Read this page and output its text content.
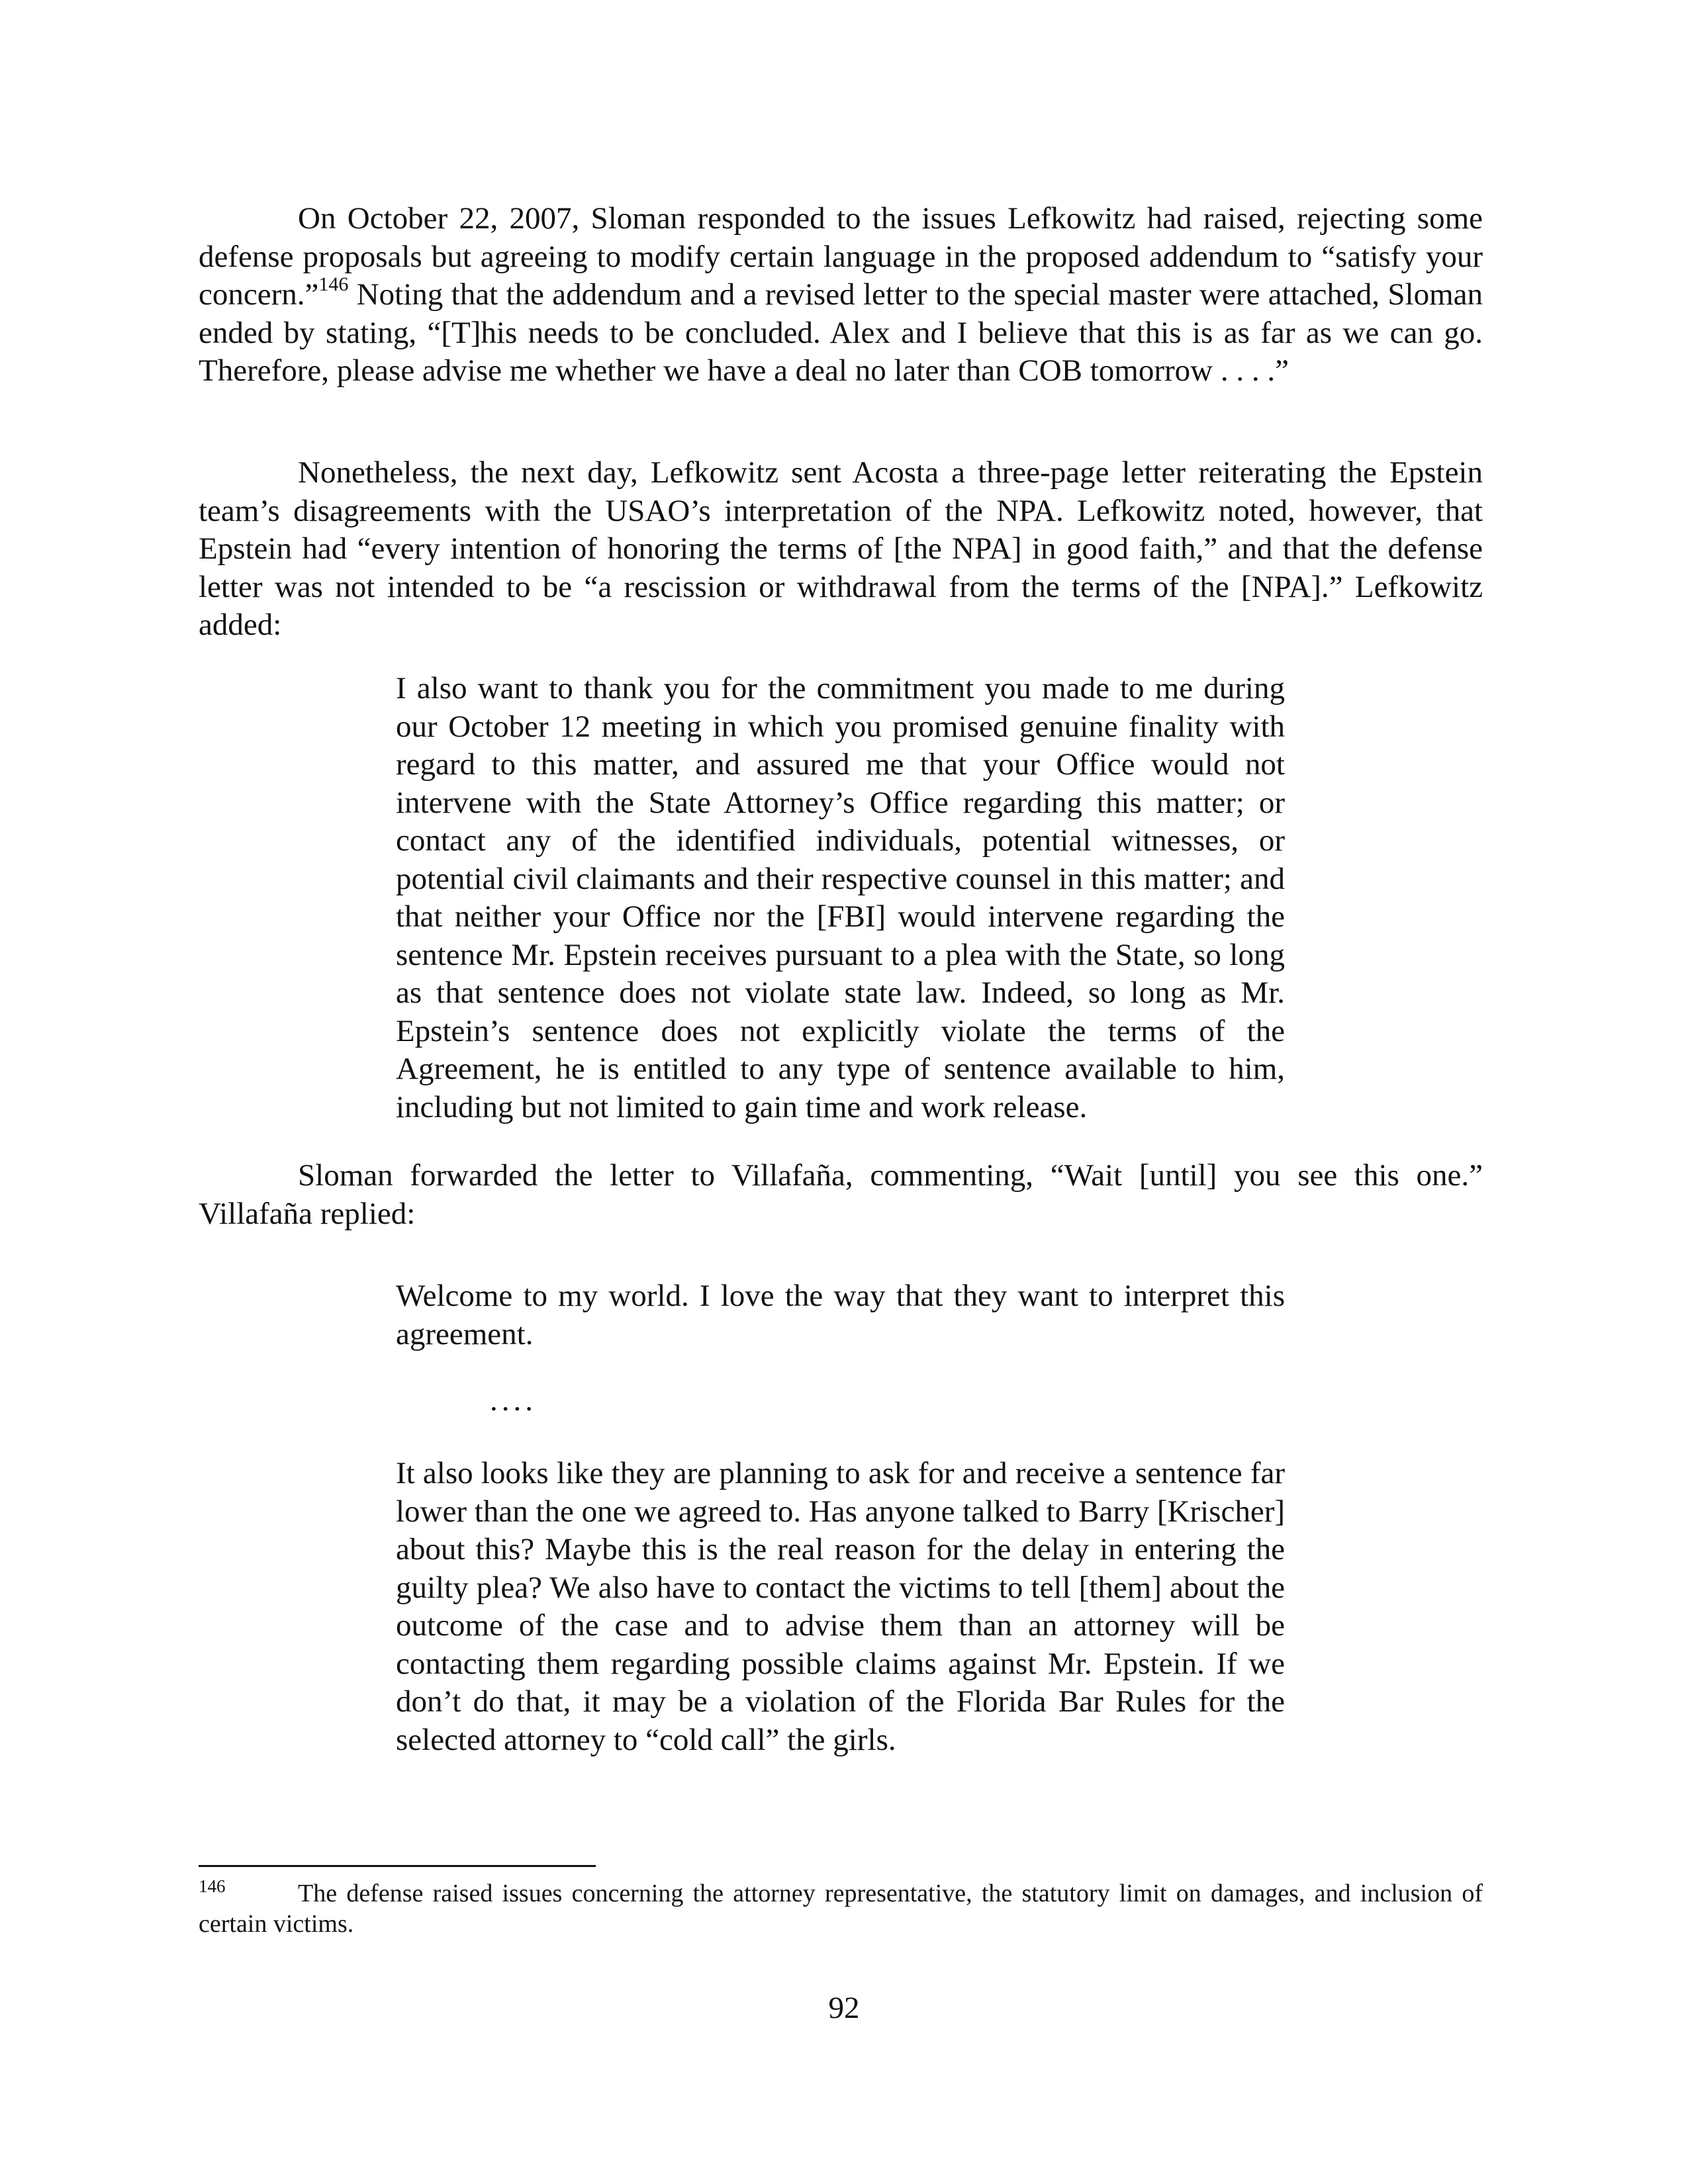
On October 22, 2007, Sloman responded to the issues Lefkowitz had raised, rejecting some defense proposals but agreeing to modify certain language in the proposed addendum to “satisfy your concern.”$^{146}$ Noting that the addendum and a revised letter to the special master were attached, Sloman ended by stating, “[T]his needs to be concluded. Alex and I believe that this is as far as we can go. Therefore, please advise me whether we have a deal no later than COB tomorrow . . . .”

Nonetheless, the next day, Lefkowitz sent Acosta a three-page letter reiterating the Epstein team’s disagreements with the USAO’s interpretation of the NPA. Lefkowitz noted, however, that Epstein had “every intention of honoring the terms of [the NPA] in good faith,” and that the defense letter was not intended to be “a rescission or withdrawal from the terms of the [NPA].” Lefkowitz added:

I also want to thank you for the commitment you made to me during our October 12 meeting in which you promised genuine finality with regard to this matter, and assured me that your Office would not intervene with the State Attorney’s Office regarding this matter; or contact any of the identified individuals, potential witnesses, or potential civil claimants and their respective counsel in this matter; and that neither your Office nor the [FBI] would intervene regarding the sentence Mr. Epstein receives pursuant to a plea with the State, so long as that sentence does not violate state law. Indeed, so long as Mr. Epstein’s sentence does not explicitly violate the terms of the Agreement, he is entitled to any type of sentence available to him, including but not limited to gain time and work release.

Sloman forwarded the letter to Villafaña, commenting, “Wait [until] you see this one.” Villafaña replied:

Welcome to my world. I love the way that they want to interpret this agreement.

....

It also looks like they are planning to ask for and receive a sentence far lower than the one we agreed to. Has anyone talked to Barry [Krischer] about this? Maybe this is the real reason for the delay in entering the guilty plea? We also have to contact the victims to tell [them] about the outcome of the case and to advise them than an attorney will be contacting them regarding possible claims against Mr. Epstein. If we don’t do that, it may be a violation of the Florida Bar Rules for the selected attorney to “cold call” the girls.

146	The defense raised issues concerning the attorney representative, the statutory limit on damages, and inclusion of certain victims.

92
